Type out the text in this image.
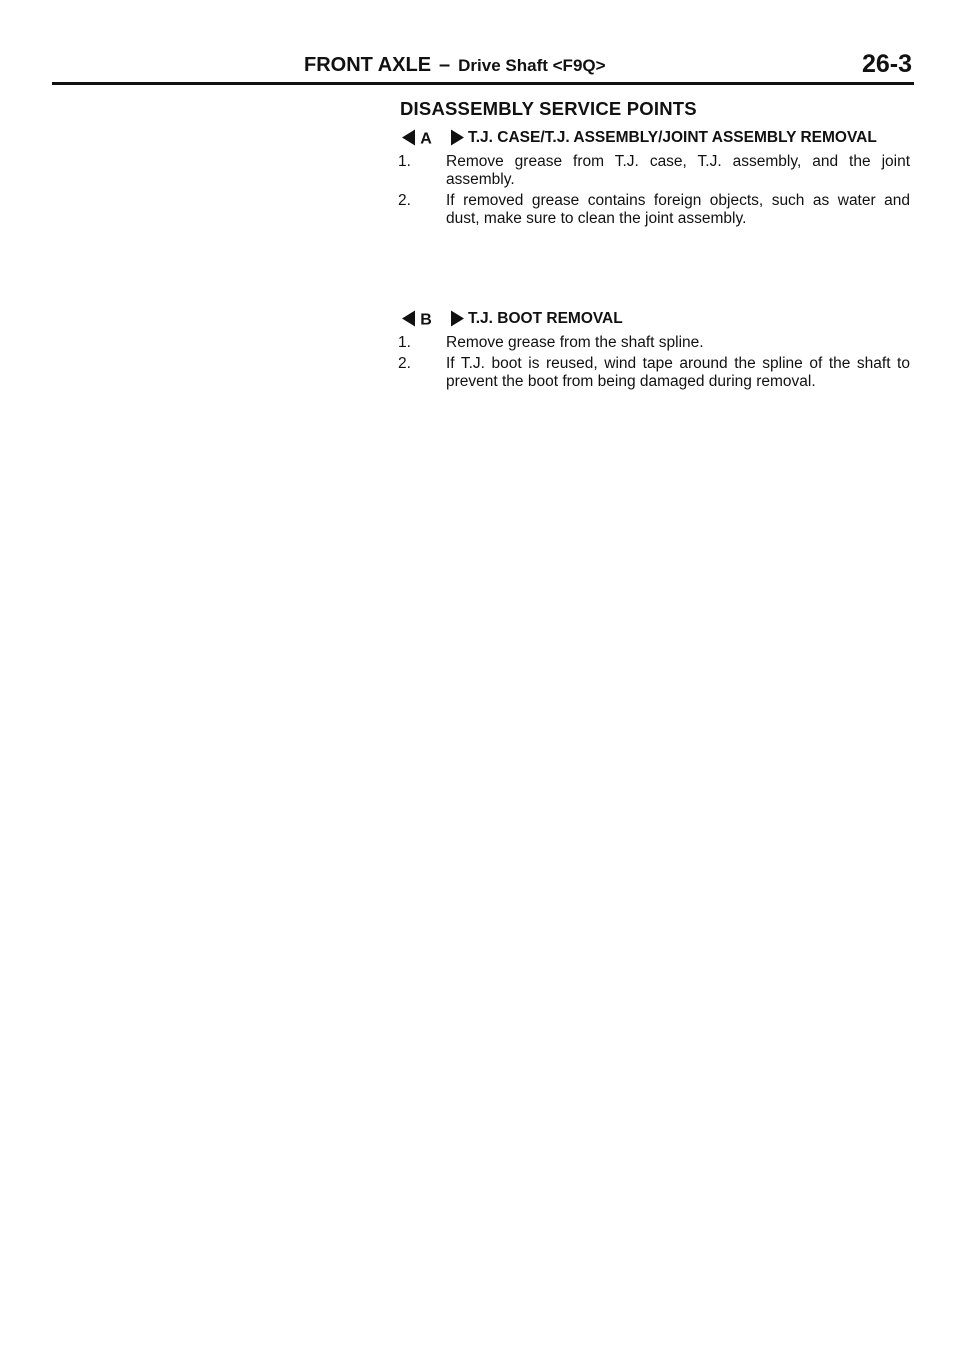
FRONT AXLE – Drive Shaft <F9Q>	26-3
DISASSEMBLY SERVICE POINTS
A T.J. CASE/T.J. ASSEMBLY/JOINT ASSEMBLY REMOVAL
1.	Remove grease from T.J. case, T.J. assembly, and the joint assembly.
2.	If removed grease contains foreign objects, such as water and dust, make sure to clean the joint assembly.
B T.J. BOOT REMOVAL
1.	Remove grease from the shaft spline.
2.	If T.J. boot is reused, wind tape around the spline of the shaft to prevent the boot from being damaged during removal.
